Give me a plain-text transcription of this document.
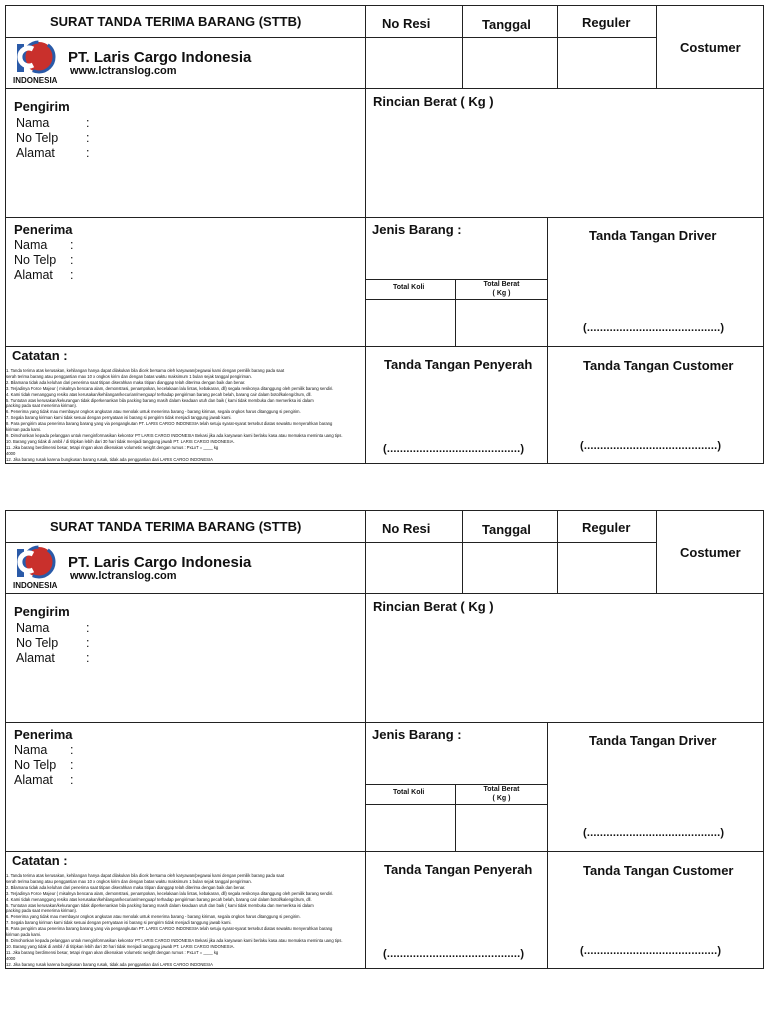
SURAT TANDA TERIMA BARANG (STTB)
INDONESIA
PT. Laris Cargo Indonesia
www.lctranslog.com
No Resi	Tanggal	Reguler
Costumer
Pengirim
Nama	:
No Telp :
Alamat :
Rincian Berat ( Kg )
Penerima
Nama :
No Telp :
Alamat :
Jenis Barang :
Total Koli	Total Berat
( Kg )
Tanda Tangan Driver
(.........................................)
Catatan :
1. Tanda terima atas kerusakan, kehilangan hanya dapat dilakukan bila dicek bersama oleh karyawan/pegawai kami dengan pemilik barang pada saat
serah terima barang atau penggantian max 10 x ongkos kirim dan dengan batas waktu maksimum 1 bulan sejak tanggal pengiriman.
2. Bilamana tidak ada keluhan dari penerima saat titipan diserahkan maka titipan dianggap telah diterima dengan baik dan benar.
3. Terjadinya Force Majeur ( misalnya bencana alam, demonstrasi, penampokan, kecelakaan lalu lintas, kebakaran, dll) segala resikonya ditanggung oleh pemilik barang sendiri.
4. Kami tidak menanggung resiko atas kerusakan/kehilangan/kecurian/menguap/ terhadap pengiriman barang pecah belah, barang cair dalam botol/kaleng/drum, dll.
5. Tuntutan atas kerusakan/kekurangan tidak diperkenankan bila packing barang masih dalam keadaan utuh dan baik ( kami tidak membuka dan memeriksa isi dalam
packing pada saat menerima kiriman).
6. Penerima yang tidak mau membayar ongkos angkutan atau menolak untuk menerima barang - barang kiriman, segala ongkos harus ditanggung si pengirim.
7. Segala barang kiriman kami tidak sesuai dengan pernyataan isi barang si pengirim tidak menjadi tanggung jawab kami.
8. Para pengirim atau penerima barang barang yang via pengangkutan PT. LARIS CARGO INDONESIA telah setuju syarat-syarat tersebut diatas sewaktu menyerahkan barang
kiriman pada kami.
9. Dimohonkan kepada pelanggan untuk menginformasikan kekontor PT LARIS CARGO INDONESIA Bekasi jika ada karyawan kami berlaku kasa atau memaksa meminta uang tips.
10. Barang yang tidak di ambil / di titipkan lebih dari 30 hari tidak menjadi tanggung jawab PT. LARIS CARGO INDONESIA.
11. Jika barang berdimensi besar, tetapi ringan akan dikenakan volumetic weight dengan rumus : PxLxT = ____ kg
4000
12. Jika barang rusak karena bungkusan barang rusak, tidak ada penggantian dari LARIS CARGO INDONESIA
Tanda Tangan Penyerah
(.........................................)
Tanda Tangan Customer
(.........................................)
SURAT TANDA TERIMA BARANG (STTB)
INDONESIA
PT. Laris Cargo Indonesia
www.lctranslog.com
No Resi	Tanggal	Reguler
Costumer
Pengirim
Nama	:
No Telp :
Alamat :
Rincian Berat ( Kg )
Penerima
Nama :
No Telp :
Alamat :
Jenis Barang :
Total Koli	Total Berat
( Kg )
Tanda Tangan Driver
(.........................................)
Catatan :
1. Tanda terima atas kerusakan, kehilangan hanya dapat dilakukan bila dicek bersama oleh karyawan/pegawai kami dengan pemilik barang pada saat
serah terima barang atau penggantian max 10 x ongkos kirim dan dengan batas waktu maksimum 1 bulan sejak tanggal pengiriman.
2. Bilamana tidak ada keluhan dari penerima saat titipan diserahkan maka titipan dianggap telah diterima dengan baik dan benar.
3. Terjadinya Force Majeur ( misalnya bencana alam, demonstrasi, penampokan, kecelakaan lalu lintas, kebakaran, dll) segala resikonya ditanggung oleh pemilik barang sendiri.
4. Kami tidak menanggung resiko atas kerusakan/kehilangan/kecurian/menguap/ terhadap pengiriman barang pecah belah, barang cair dalam botol/kaleng/drum, dll.
5. Tuntutan atas kerusakan/kekurangan tidak diperkenankan bila packing barang masih dalam keadaan utuh dan baik ( kami tidak membuka dan memeriksa isi dalam
packing pada saat menerima kiriman).
6. Penerima yang tidak mau membayar ongkos angkutan atau menolak untuk menerima barang - barang kiriman, segala ongkos harus ditanggung si pengirim.
7. Segala barang kiriman kami tidak sesuai dengan pernyataan isi barang si pengirim tidak menjadi tanggung jawab kami.
8. Para pengirim atau penerima barang barang yang via pengangkutan PT. LARIS CARGO INDONESIA telah setuju syarat-syarat tersebut diatas sewaktu menyerahkan barang
kiriman pada kami.
9. Dimohonkan kepada pelanggan untuk menginformasikan kekontor PT LARIS CARGO INDONESIA Bekasi jika ada karyawan kami berlaku kasa atau memaksa meminta uang tips.
10. Barang yang tidak di ambil / di titipkan lebih dari 30 hari tidak menjadi tanggung jawab PT. LARIS CARGO INDONESIA.
11. Jika barang berdimensi besar, tetapi ringan akan dikenakan volumetic weight dengan rumus : PxLxT = ____ kg
4000
12. Jika barang rusak karena bungkusan barang rusak, tidak ada penggantian dari LARIS CARGO INDONESIA
Tanda Tangan Penyerah
(.........................................)
Tanda Tangan Customer
(.........................................)
